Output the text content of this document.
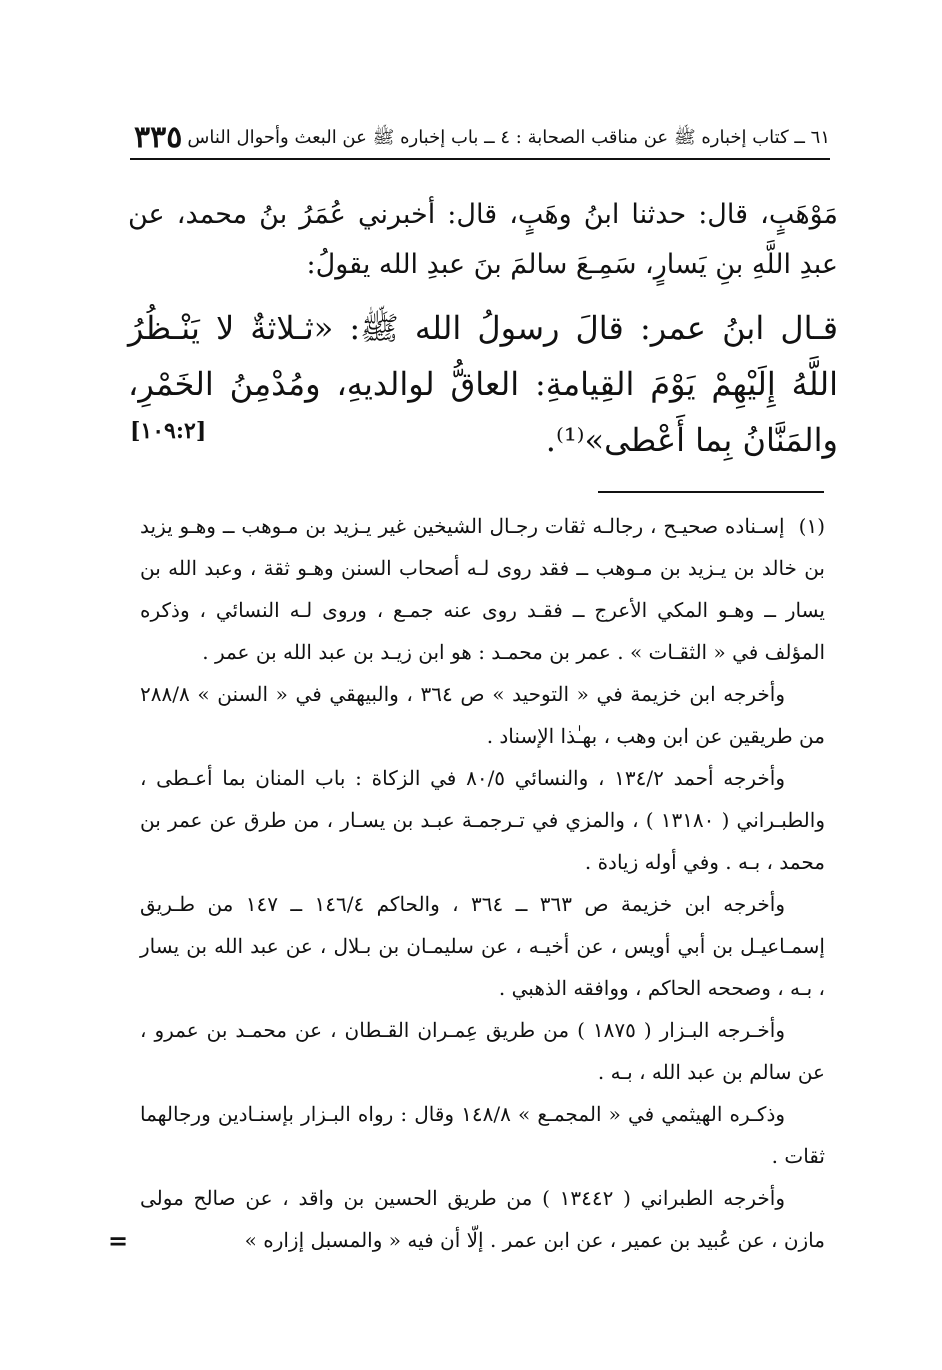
٣٣٥ ٦١ ــ كتاب إخباره ﷺ عن مناقب الصحابة : ٤ ــ باب إخباره ﷺ عن البعث وأحوال الناس

مَوْهَبٍ، قال: حدثنا ابنُ وهَبٍ، قال: أخبرني عُمَرُ بنُ محمد، عن عبدِ اللَّهِ بنِ يَسارٍ، سَمِـعَ سالمَ بنَ عبدِ الله يقولُ:

قـال ابنُ عمر: قالَ رسولُ الله ﷺ: «ثـلاثةٌ لا يَنْـظُرُ اللَّهُ إِلَيْهِمْ يَوْمَ القِيامةِ: العاقُّ لوالديهِ، ومُدْمِنُ الخَمْرِ، والمَنَّانُ بِما أَعْطى»⁽¹⁾.

[١٠٩:٢]

(١)إسـناده صحيـح ، رجالـه ثقات رجـال الشيخين غير يـزيد بن مـوهب ــ وهـو يزيد بن خالد بن يـزيد بن مـوهب ــ فقد روى لـه أصحاب السنن وهـو ثقة ، وعبد الله بن يسار ــ وهـو المكي الأعرج ــ فقـد روى عنه جمـع ، وروى لـه النسائي ، وذكره المؤلف في « الثقـات » . عمر بن محمـد : هو ابن زيـد بن عبد الله بن عمر .

وأخرجه ابن خزيمة في « التوحيد » ص ٣٦٤ ، والبيهقي في « السنن » ٢٨٨/٨ من طريقين عن ابن وهب ، بهـٰذا الإسناد .

وأخرجه أحمد ١٣٤/٢ ، والنسائي ٨٠/٥ في الزكاة : باب المنان بما أعـطى ، والطبـراني ( ١٣١٨٠ ) ، والمزي في تـرجمـة عبـد بن يسـار ، من طرق عن عمر بن محمد ، بـه . وفي أوله زيادة .

وأخرجه ابن خزيمة ص ٣٦٣ ــ ٣٦٤ ، والحاكم ١٤٦/٤ ــ ١٤٧ من طـريق إسمـاعيـل بن أبي أويس ، عن أخيـه ، عن سليمـان بن بـلال ، عن عبد الله بن يسار ، بـه ، وصححه الحاكم ، ووافقه الذهبي .

وأخـرجه البـزار ( ١٨٧٥ ) من طريق عِمـران القـطان ، عن محمـد بن عمرو ، عن سالم بن عبد الله ، بـه .

وذكـره الهيثمي في « المجمـع » ١٤٨/٨ وقال : رواه البـزار بإسنـادين ورجالهما ثقات .

وأخرجه الطبراني ( ١٣٤٤٢ ) من طريق الحسين بن واقد ، عن صالح مولى مازن ، عن عُبيد بن عمير ، عن ابن عمر . إلّا أن فيه « والمسبل إزاره »

=
